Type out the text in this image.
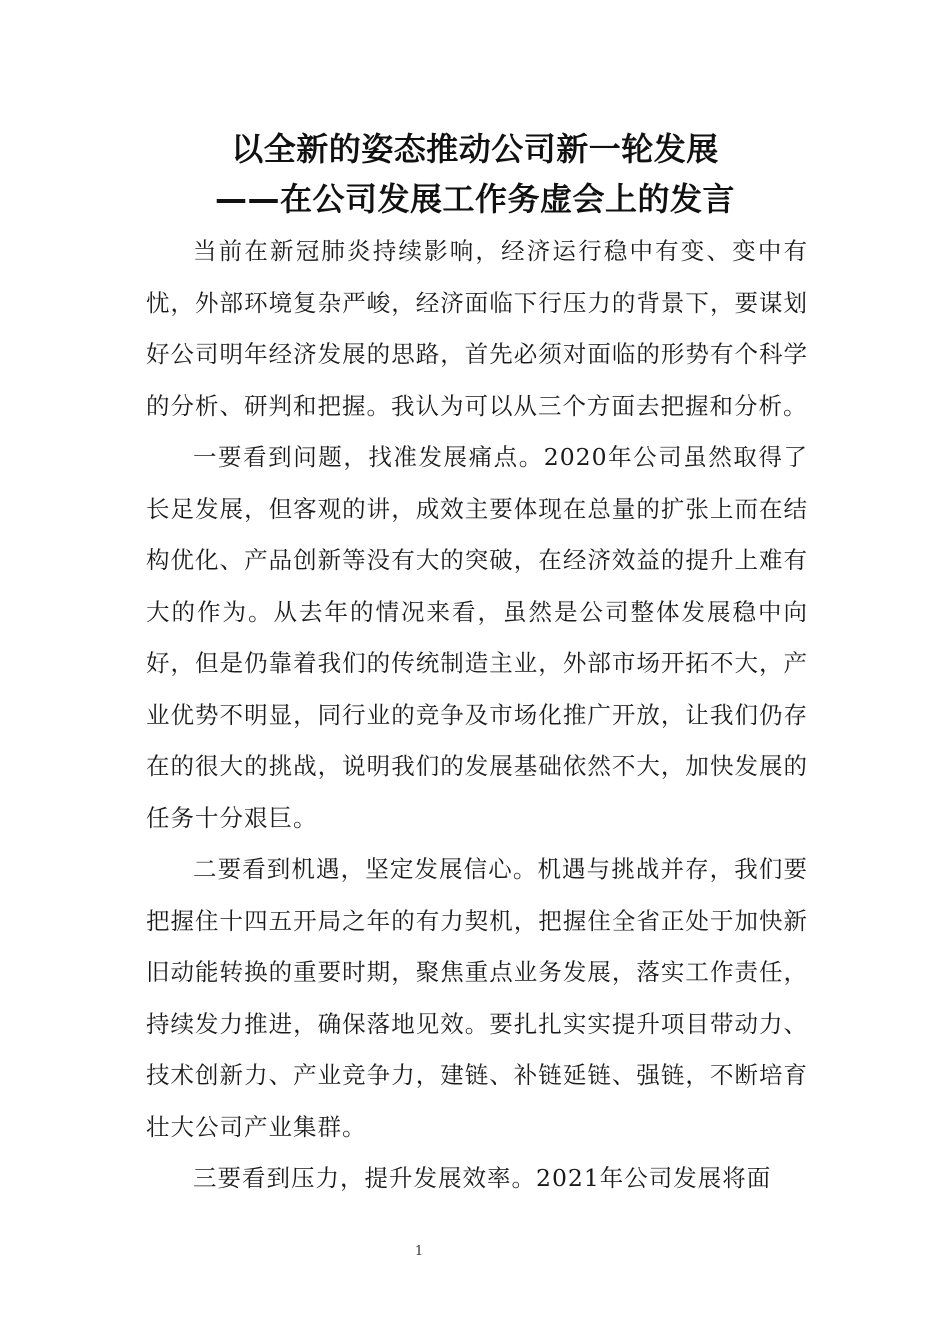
以全新的姿态推动公司新一轮发展
——在公司发展工作务虚会上的发言

当前在新冠肺炎持续影响，经济运行稳中有变、变中有忧，外部环境复杂严峻，经济面临下行压力的背景下，要谋划好公司明年经济发展的思路，首先必须对面临的形势有个科学的分析、研判和把握。我认为可以从三个方面去把握和分析。

一要看到问题，找准发展痛点。2020年公司虽然取得了长足发展，但客观的讲，成效主要体现在总量的扩张上而在结构优化、产品创新等没有大的突破，在经济效益的提升上难有大的作为。从去年的情况来看，虽然是公司整体发展稳中向好，但是仍靠着我们的传统制造主业，外部市场开拓不大，产业优势不明显，同行业的竞争及市场化推广开放，让我们仍存在的很大的挑战，说明我们的发展基础依然不大，加快发展的任务十分艰巨。

二要看到机遇，坚定发展信心。机遇与挑战并存，我们要把握住十四五开局之年的有力契机，把握住全省正处于加快新旧动能转换的重要时期，聚焦重点业务发展，落实工作责任，持续发力推进，确保落地见效。要扎扎实实提升项目带动力、技术创新力、产业竞争力，建链、补链延链、强链，不断培育壮大公司产业集群。

三要看到压力，提升发展效率。2021年公司发展将面

1
